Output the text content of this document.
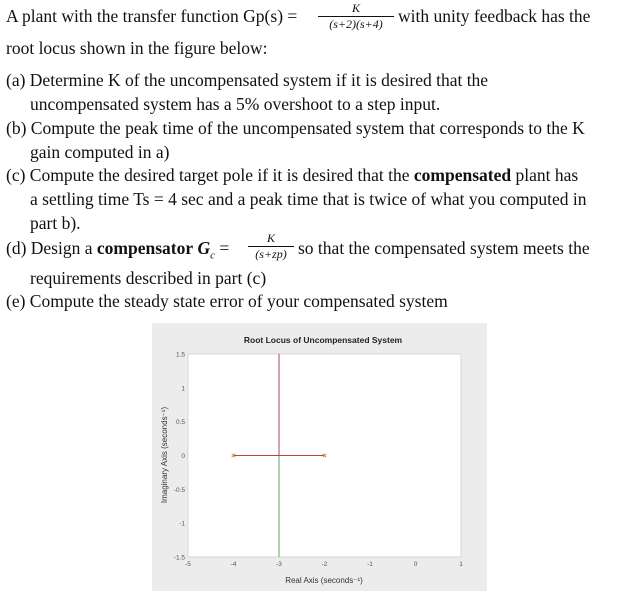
A plant with the transfer function $Gp(s) = \frac{K}{(s+2)(s+4)}$ with unity feedback has the
root locus shown in the figure below:
(a) Determine K of the uncompensated system if it is desired that the
uncompensated system has a 5% overshoot to a step input.
(b) Compute the peak time of the uncompensated system that corresponds to the K
gain computed in a)
(c) Compute the desired target pole if it is desired that the compensated plant has
a settling time Ts = 4 sec and a peak time that is twice of what you computed in
part b).
(d) Design a compensator $G_c = \frac{K}{(s+zp)}$ so that the compensated system meets the
requirements described in part (c)
(e) Compute the steady state error of your compensated system
Root Locus of Uncompensated System
-5	-4	-3	-2	-1	0	1
1.5
1
0.5
0
-0.5
-1
-1.5
Real Axis (seconds⁻¹)
Imaginary Axis (seconds⁻¹)
